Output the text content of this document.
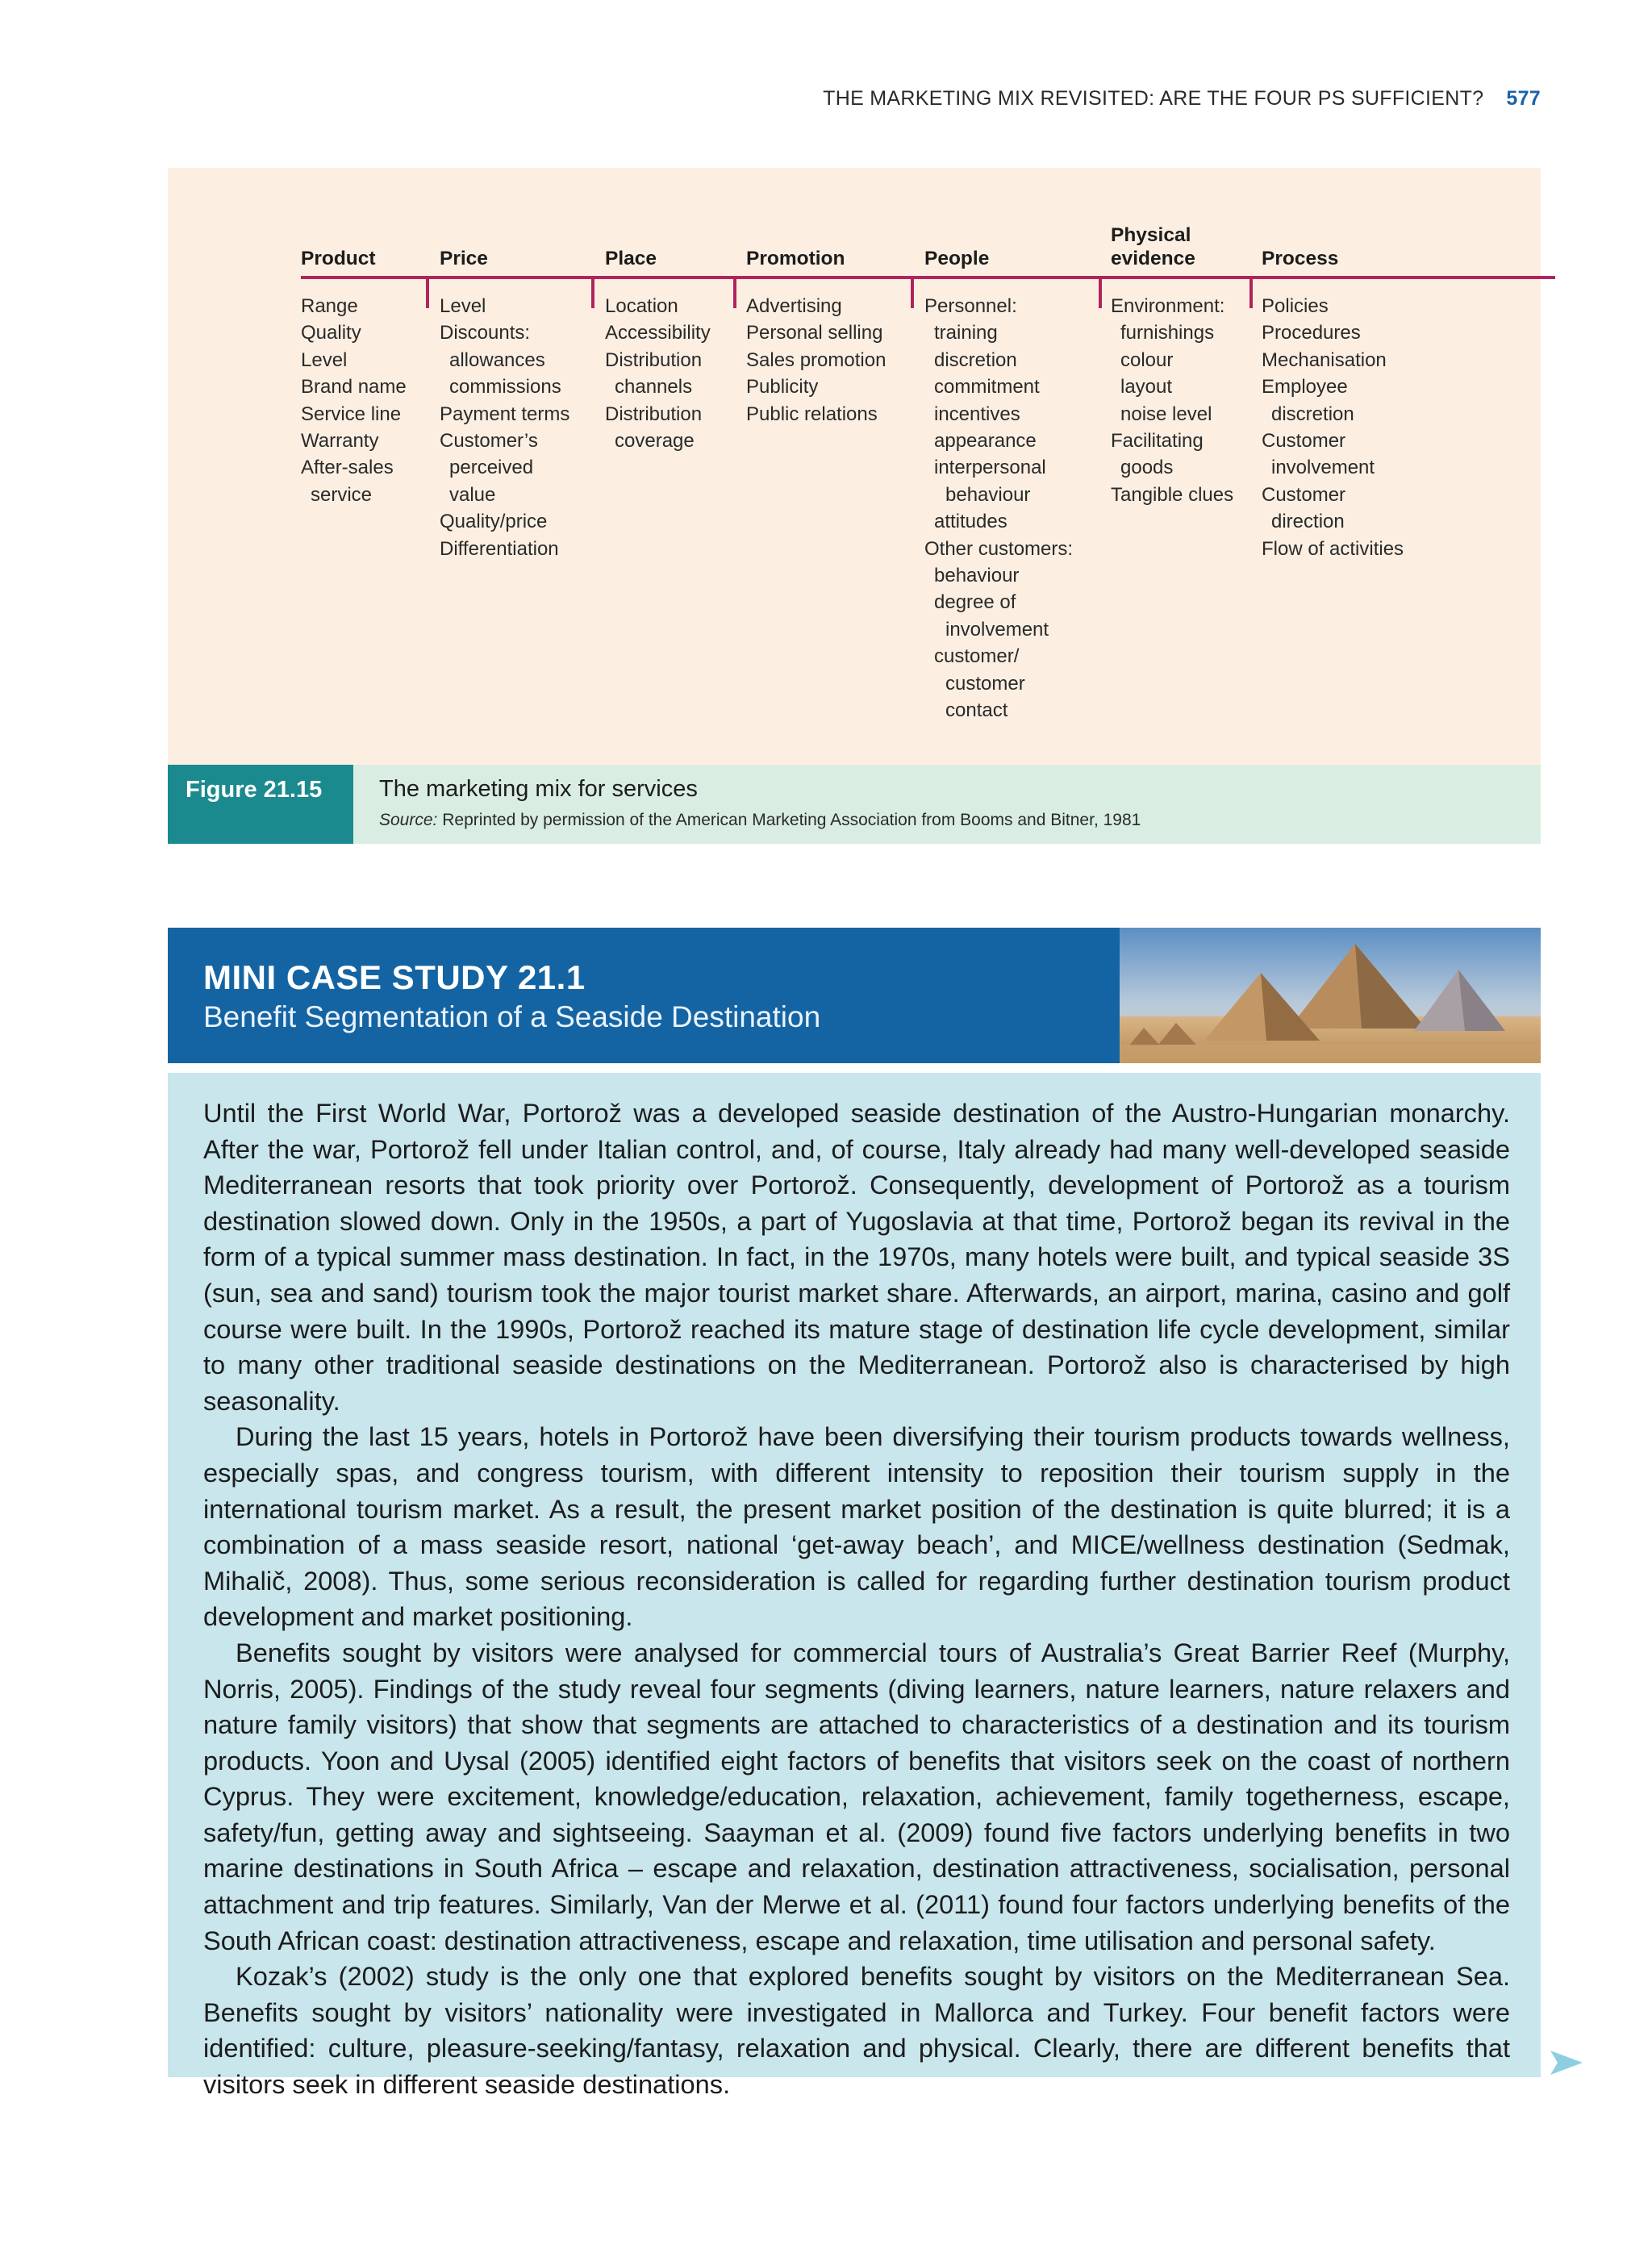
THE MARKETING MIX REVISITED: ARE THE FOUR PS SUFFICIENT? 577
Product
Range
Quality
Level
Brand name
Service line
Warranty
After-sales
service
Price
Level
Discounts:
allowances
commissions
Payment terms
Customer’s
perceived
value
Quality/price
Differentiation
Place
Location
Accessibility
Distribution
channels
Distribution
coverage
Promotion
Advertising
Personal selling
Sales promotion
Publicity
Public relations
People
Personnel:
training
discretion
commitment
incentives
appearance
interpersonal
behaviour
attitudes
Other customers:
behaviour
degree of
involvement
customer/
customer
contact
Physical
evidence
Environment:
furnishings
colour
layout
noise level
Facilitating
goods
Tangible clues
Process
Policies
Procedures
Mechanisation
Employee
discretion
Customer
involvement
Customer
direction
Flow of activities
Figure 21.15	The marketing mix for services
Source: Reprinted by permission of the American Marketing Association from Booms and Bitner, 1981
MINI CASE STUDY 21.1
Benefit Segmentation of a Seaside Destination

Until the First World War, Portorož was a developed seaside destination of the Austro-Hungarian monarchy. After the war, Portorož fell under Italian control, and, of course, Italy already had many well-developed seaside Mediterranean resorts that took priority over Portorož. Consequently, development of Portorož as a tourism destination slowed down. Only in the 1950s, a part of Yugoslavia at that time, Portorož began its revival in the form of a typical summer mass destination. In fact, in the 1970s, many hotels were built, and typical seaside 3S (sun, sea and sand) tourism took the major tourist market share. Afterwards, an airport, marina, casino and golf course were built. In the 1990s, Portorož reached its mature stage of destination life cycle development, similar to many other traditional seaside destinations on the Mediterranean. Portorož also is characterised by high seasonality.

During the last 15 years, hotels in Portorož have been diversifying their tourism products towards wellness, especially spas, and congress tourism, with different intensity to reposition their tourism supply in the international tourism market. As a result, the present market position of the destination is quite blurred; it is a combination of a mass seaside resort, national ‘get-away beach’, and MICE/wellness destination (Sedmak, Mihalič, 2008). Thus, some serious reconsideration is called for regarding further destination tourism product development and market positioning.

Benefits sought by visitors were analysed for commercial tours of Australia’s Great Barrier Reef (Murphy, Norris, 2005). Findings of the study reveal four segments (diving learners, nature learners, nature relaxers and nature family visitors) that show that segments are attached to characteristics of a destination and its tourism products. Yoon and Uysal (2005) identified eight factors of benefits that visitors seek on the coast of northern Cyprus. They were excitement, knowledge/education, relaxation, achievement, family togetherness, escape, safety/fun, getting away and sightseeing. Saayman et al. (2009) found five factors underlying benefits in two marine destinations in South Africa – escape and relaxation, destination attractiveness, socialisation, personal attachment and trip features. Similarly, Van der Merwe et al. (2011) found four factors underlying benefits of the South African coast: destination attractiveness, escape and relaxation, time utilisation and personal safety.

Kozak’s (2002) study is the only one that explored benefits sought by visitors on the Mediterranean Sea. Benefits sought by visitors’ nationality were investigated in Mallorca and Turkey. Four benefit factors were identified: culture, pleasure-seeking/fantasy, relaxation and physical. Clearly, there are different benefits that visitors seek in different seaside destinations.
